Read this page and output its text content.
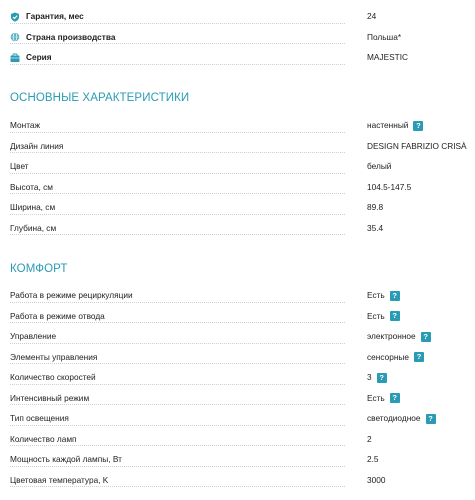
Гарантия, мес	24
Страна производства	Польша*
Серия	MAJESTIC
ОСНОВНЫЕ ХАРАКТЕРИСТИКИ
Монтаж	настенный	?
Дизайн линия	DESIGN FABRIZIO CRISÀ
Цвет	белый
Высота, см	104.5-147.5
Ширина, см	89.8
Глубина, см	35.4
КОМФОРТ
Работа в режиме рециркуляции	Есть	?
Работа в режиме отвода	Есть	?
Управление	электронное	?
Элементы управления	сенсорные	?
Количество скоростей	3	?
Интенсивный режим	Есть	?
Тип освещения	светодиодное	?
Количество ламп	2
Мощность каждой лампы, Вт	2.5
Цветовая температура, K	3000
